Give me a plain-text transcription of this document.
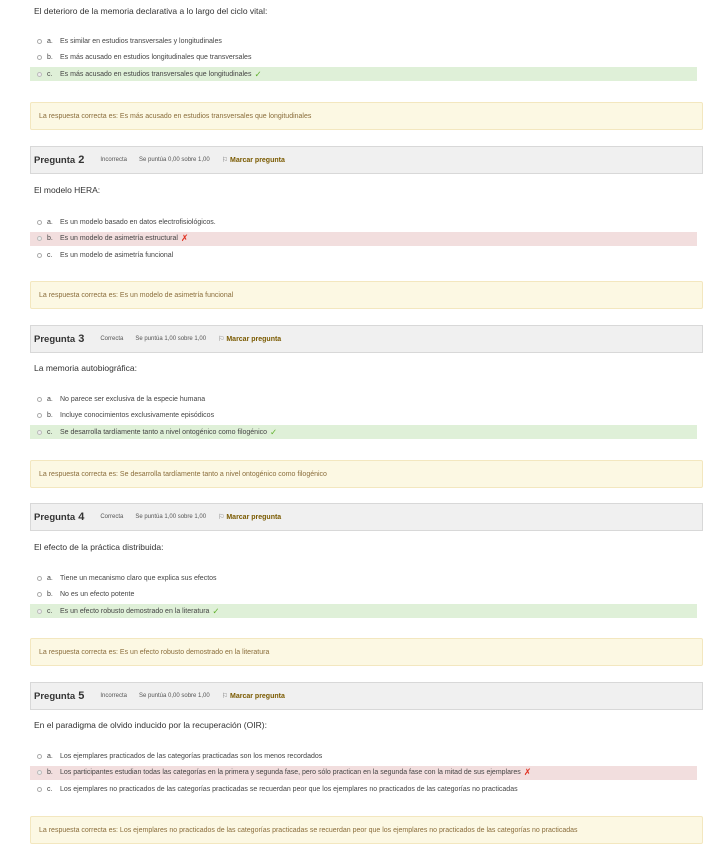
El deterioro de la memoria declarativa a lo largo del ciclo vital:

a.	Es similar en estudios transversales y longitudinales
b.	Es más acusado en estudios longitudinales que transversales
c.	Es más acusado en estudios transversales que longitudinales ✓
La respuesta correcta es: Es más acusado en estudios transversales que longitudinales
Pregunta 2	Incorrecta Se puntúa 0,00 sobre 1,00 ⚐ Marcar pregunta

El modelo HERA:

a.	Es un modelo basado en datos electrofisiológicos.
b.	Es un modelo de asimetría estructural ✗
c.	Es un modelo de asimetría funcional
La respuesta correcta es: Es un modelo de asimetría funcional
Pregunta 3	Correcta Se puntúa 1,00 sobre 1,00 ⚐ Marcar pregunta

La memoria autobiográfica:

a.	No parece ser exclusiva de la especie humana
b.	Incluye conocimientos exclusivamente episódicos
c.	Se desarrolla tardíamente tanto a nivel ontogénico como filogénico ✓
La respuesta correcta es: Se desarrolla tardíamente tanto a nivel ontogénico como filogénico
Pregunta 4	Correcta Se puntúa 1,00 sobre 1,00 ⚐ Marcar pregunta

El efecto de la práctica distribuida:

a.	Tiene un mecanismo claro que explica sus efectos
b.	No es un efecto potente
c.	Es un efecto robusto demostrado en la literatura ✓
La respuesta correcta es: Es un efecto robusto demostrado en la literatura
Pregunta 5	Incorrecta Se puntúa 0,00 sobre 1,00 ⚐ Marcar pregunta

En el paradigma de olvido inducido por la recuperación (OIR):

a.	Los ejemplares practicados de las categorías practicadas son los menos recordados
b.	Los participantes estudian todas las categorías en la primera y segunda fase, pero sólo practican en la segunda fase con la mitad de sus ejemplares ✗
c.	Los ejemplares no practicados de las categorías practicadas se recuerdan peor que los ejemplares no practicados de las categorías no practicadas
La respuesta correcta es: Los ejemplares no practicados de las categorías practicadas se recuerdan peor que los ejemplares no practicados de las categorías no practicadas
